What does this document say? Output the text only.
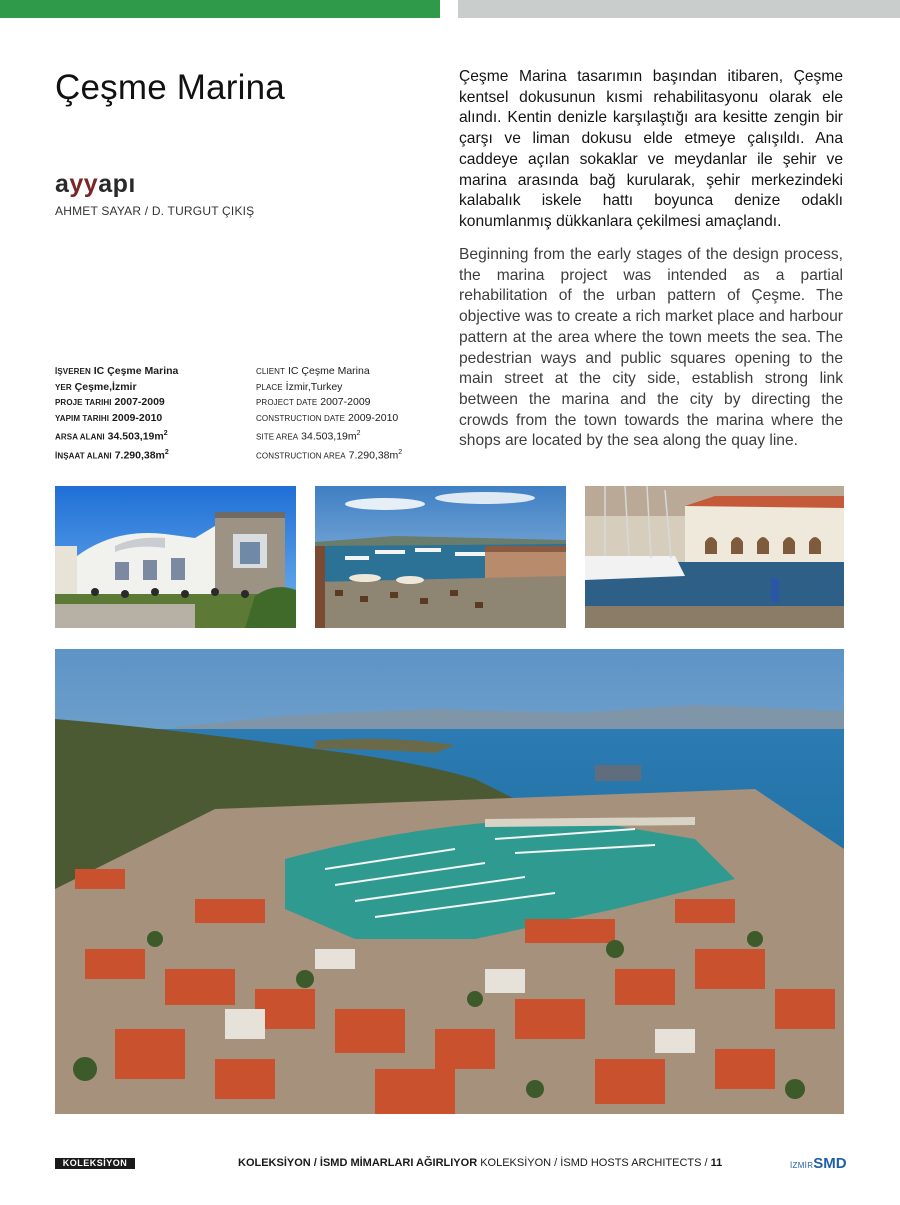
Çeşme Marina
ayyapı
AHMET SAYAR / D. TURGUT ÇIKIŞ
İŞVEREN IC Çeşme Marina
YER Çeşme,İzmir
PROJE TARIHI 2007-2009
YAPIM TARIHI 2009-2010
ARSA ALANI $34.503,19m^2$
İNŞAAT ALANI $7.290,38m^2$
CLIENT IC Çeşme Marina
PLACE İzmir,Turkey
PROJECT DATE 2007-2009
CONSTRUCTION DATE 2009-2010
SITE AREA $34.503,19m^2$
CONSTRUCTION AREA $7.290,38m^2$

Çeşme Marina tasarımın başından itibaren, Çeşme kentsel dokusunun kısmi rehabilitasyonu olarak ele alındı. Kentin denizle karşılaştığı ara kesitte zengin bir çarşı ve liman dokusu elde etmeye çalışıldı. Ana caddeye açılan sokaklar ve meydanlar ile şehir ve marina arasında bağ kurularak, şehir merkezindeki kalabalık iskele hattı boyunca denize odaklı konumlanmış dükkanlara çekilmesi amaçlandı.

Beginning from the early stages of the design process, the marina project was intended as a partial rehabilitation of the urban pattern of Çeşme. The objective was to create a rich market place and harbour pattern at the area where the town meets the sea. The pedestrian ways and public squares opening to the main street at the city side, establish strong link between the marina and the city by directing the crowds from the town towards the marina where the shops are located by the sea along the quay line.

KOLEKSİYON	KOLEKSİYON / İSMD MİMARLARI AĞIRLIYOR KOLEKSİYON / İSMD HOSTS ARCHITECTS / 11	İZMİRSMD
